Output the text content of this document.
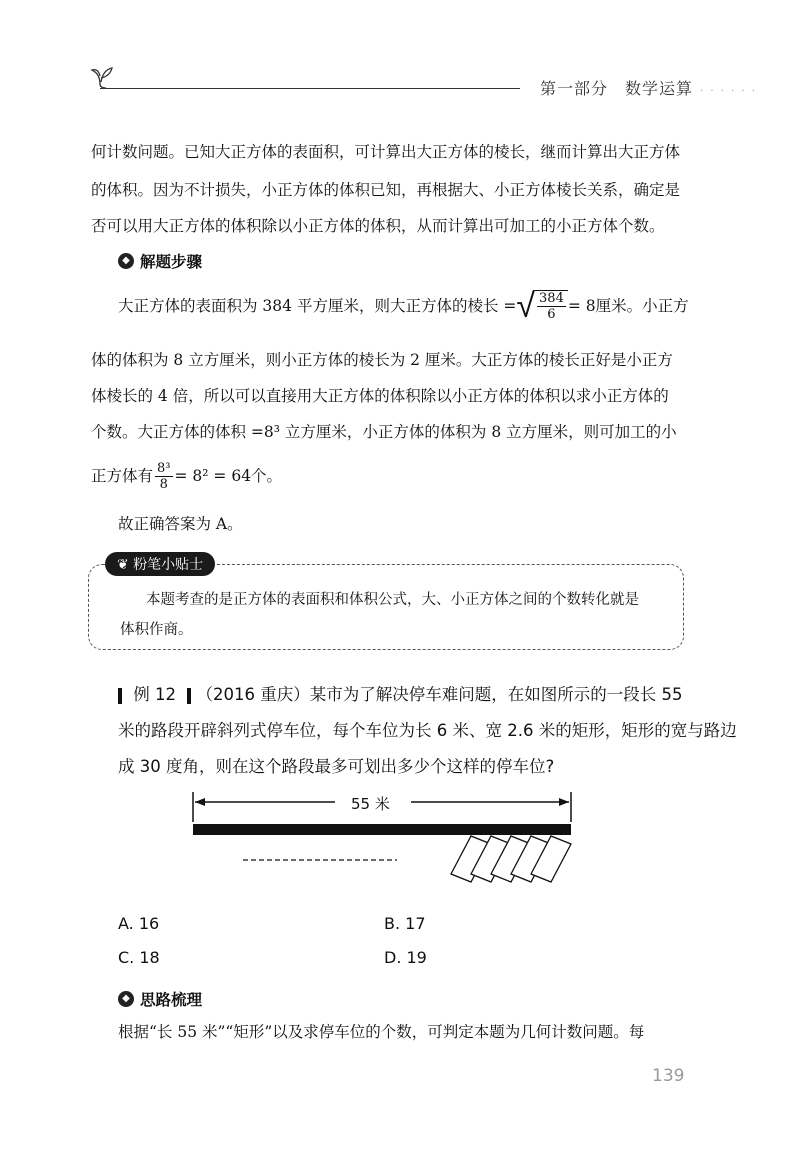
第一部分　数学运算 · · · · · ·
何计数问题。已知大正方体的表面积，可计算出大正方体的棱长，继而计算出大正方体
的体积。因为不计损失，小正方体的体积已知，再根据大、小正方体棱长关系，确定是
否可以用大正方体的体积除以小正方体的体积，从而计算出可加工的小正方体个数。
◆ 解题步骤
大正方体的表面积为 384 平方厘米，则大正方体的棱长 = √ $\frac{384}{6} = 8$厘米。小正方
体的体积为 8 立方厘米，则小正方体的棱长为 2 厘米。大正方体的棱长正好是小正方
体棱长的 4 倍，所以可以直接用大正方体的体积除以小正方体的体积以求小正方体的
个数。大正方体的体积 =8³ 立方厘米，小正方体的体积为 8 立方厘米，则可加工的小
正方体有 $\frac{\text{8³}}{8} = 8^2 = 64$个。
故正确答案为 A。
❦ 粉笔小贴士
本题考查的是正方体的表面积和体积公式，大、小正方体之间的个数转化就是
体积作商。
例 12 （2016 重庆）某市为了解决停车难问题，在如图所示的一段长 55
米的路段开辟斜列式停车位，每个车位为长 6 米、宽 2.6 米的矩形，矩形的宽与路边
成 30 度角，则在这个路段最多可划出多少个这样的停车位?
55 米
A. 16	B. 17
C. 18	D. 19
◆ 思路梳理
根据“长 55 米”“矩形”以及求停车位的个数，可判定本题为几何计数问题。每
139
